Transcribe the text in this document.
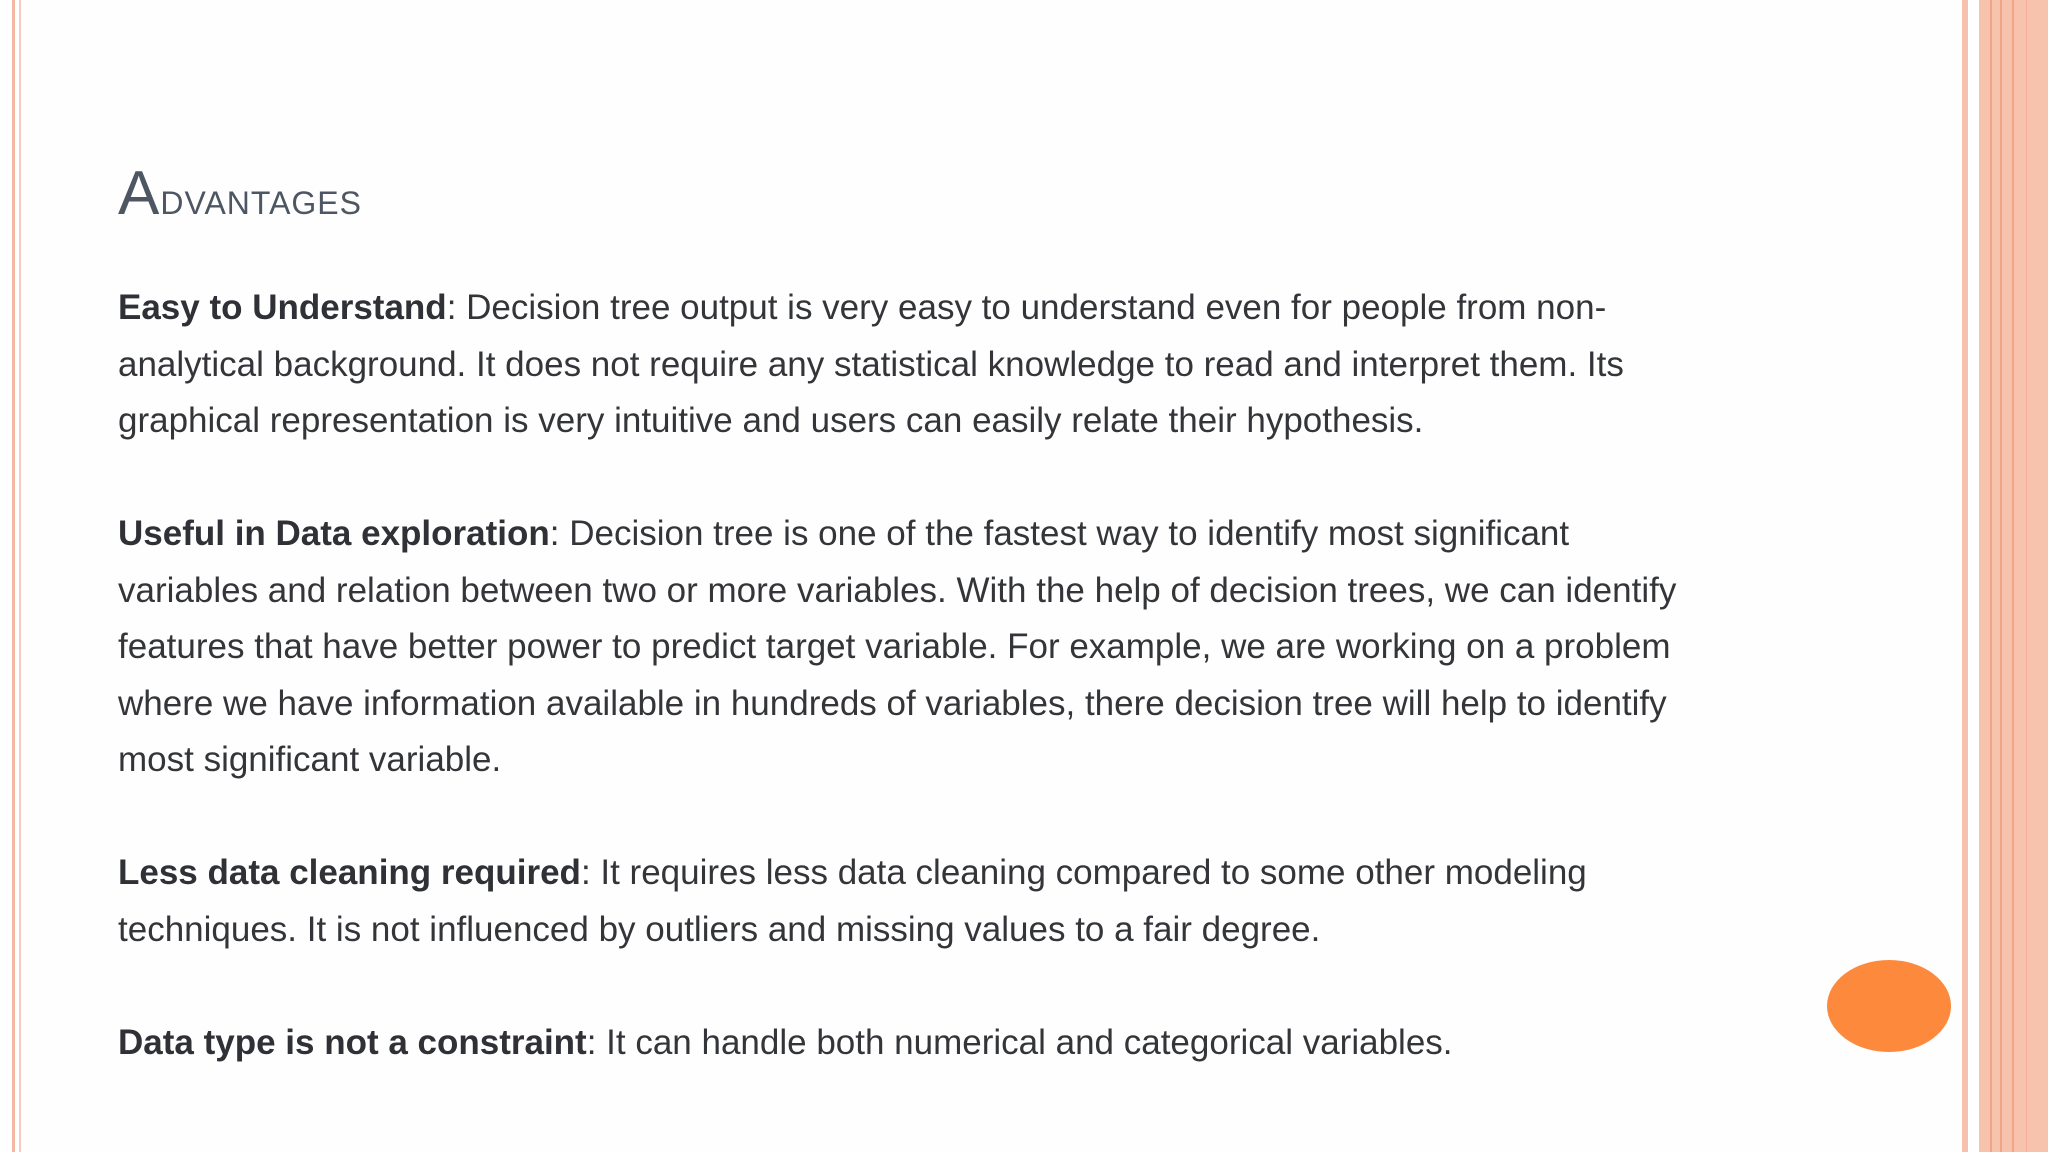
Advantages
Easy to Understand: Decision tree output is very easy to understand even for people from non-
analytical background. It does not require any statistical knowledge to read and interpret them. Its
graphical representation is very intuitive and users can easily relate their hypothesis.
Useful in Data exploration: Decision tree is one of the fastest way to identify most significant
variables and relation between two or more variables. With the help of decision trees, we can identify
features that have better power to predict target variable. For example, we are working on a problem
where we have information available in hundreds of variables, there decision tree will help to identify
most significant variable.
Less data cleaning required: It requires less data cleaning compared to some other modeling
techniques. It is not influenced by outliers and missing values to a fair degree.
Data type is not a constraint: It can handle both numerical and categorical variables.
